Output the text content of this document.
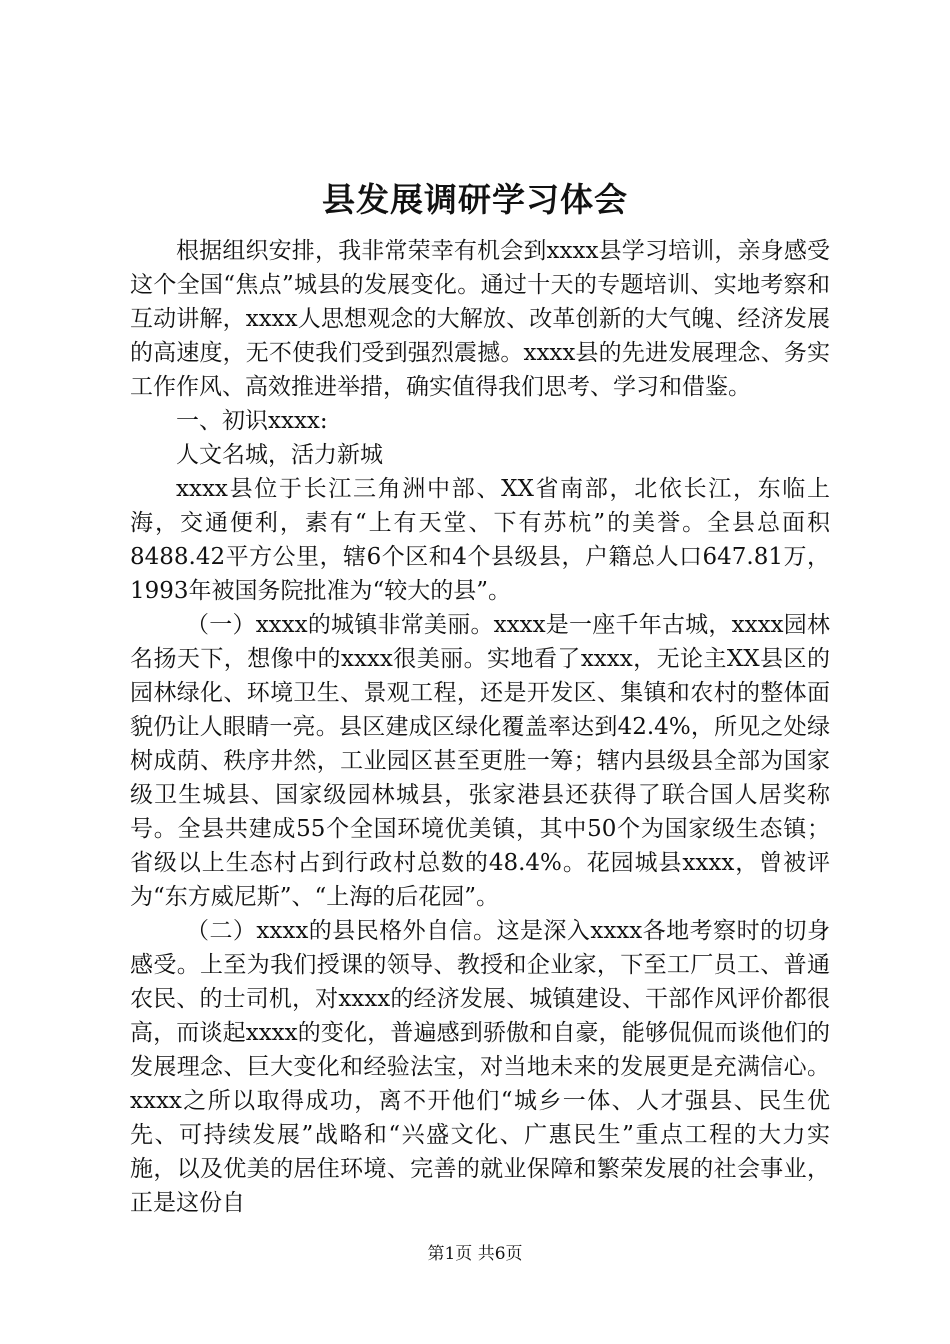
县发展调研学习体会

根据组织安排，我非常荣幸有机会到xxxx县学习培训，亲身感受这个全国“焦点”城县的发展变化。通过十天的专题培训、实地考察和互动讲解，xxxx人思想观念的大解放、改革创新的大气魄、经济发展的高速度，无不使我们受到强烈震撼。xxxx县的先进发展理念、务实工作作风、高效推进举措，确实值得我们思考、学习和借鉴。

一、初识xxxx:

人文名城，活力新城

xxxx县位于长江三角洲中部、XX省南部，北依长江，东临上海，交通便利，素有“上有天堂、下有苏杭”的美誉。全县总面积8488.42平方公里，辖6个区和4个县级县，户籍总人口647.81万，1993年被国务院批准为“较大的县”。

（一）xxxx的城镇非常美丽。xxxx是一座千年古城，xxxx园林名扬天下，想像中的xxxx很美丽。实地看了xxxx，无论主XX县区的园林绿化、环境卫生、景观工程，还是开发区、集镇和农村的整体面貌仍让人眼睛一亮。县区建成区绿化覆盖率达到42.4%，所见之处绿树成荫、秩序井然，工业园区甚至更胜一筹；辖内县级县全部为国家级卫生城县、国家级园林城县，张家港县还获得了联合国人居奖称号。全县共建成55个全国环境优美镇，其中50个为国家级生态镇；省级以上生态村占到行政村总数的48.4%。花园城县xxxx，曾被评为“东方威尼斯”、“上海的后花园”。

（二）xxxx的县民格外自信。这是深入xxxx各地考察时的切身感受。上至为我们授课的领导、教授和企业家，下至工厂员工、普通农民、的士司机，对xxxx的经济发展、城镇建设、干部作风评价都很高，而谈起xxxx的变化，普遍感到骄傲和自豪，能够侃侃而谈他们的发展理念、巨大变化和经验法宝，对当地未来的发展更是充满信心。xxxx之所以取得成功，离不开他们“城乡一体、人才强县、民生优先、可持续发展”战略和“兴盛文化、广惠民生”重点工程的大力实施，以及优美的居住环境、完善的就业保障和繁荣发展的社会事业，正是这份自

第1页 共6页
